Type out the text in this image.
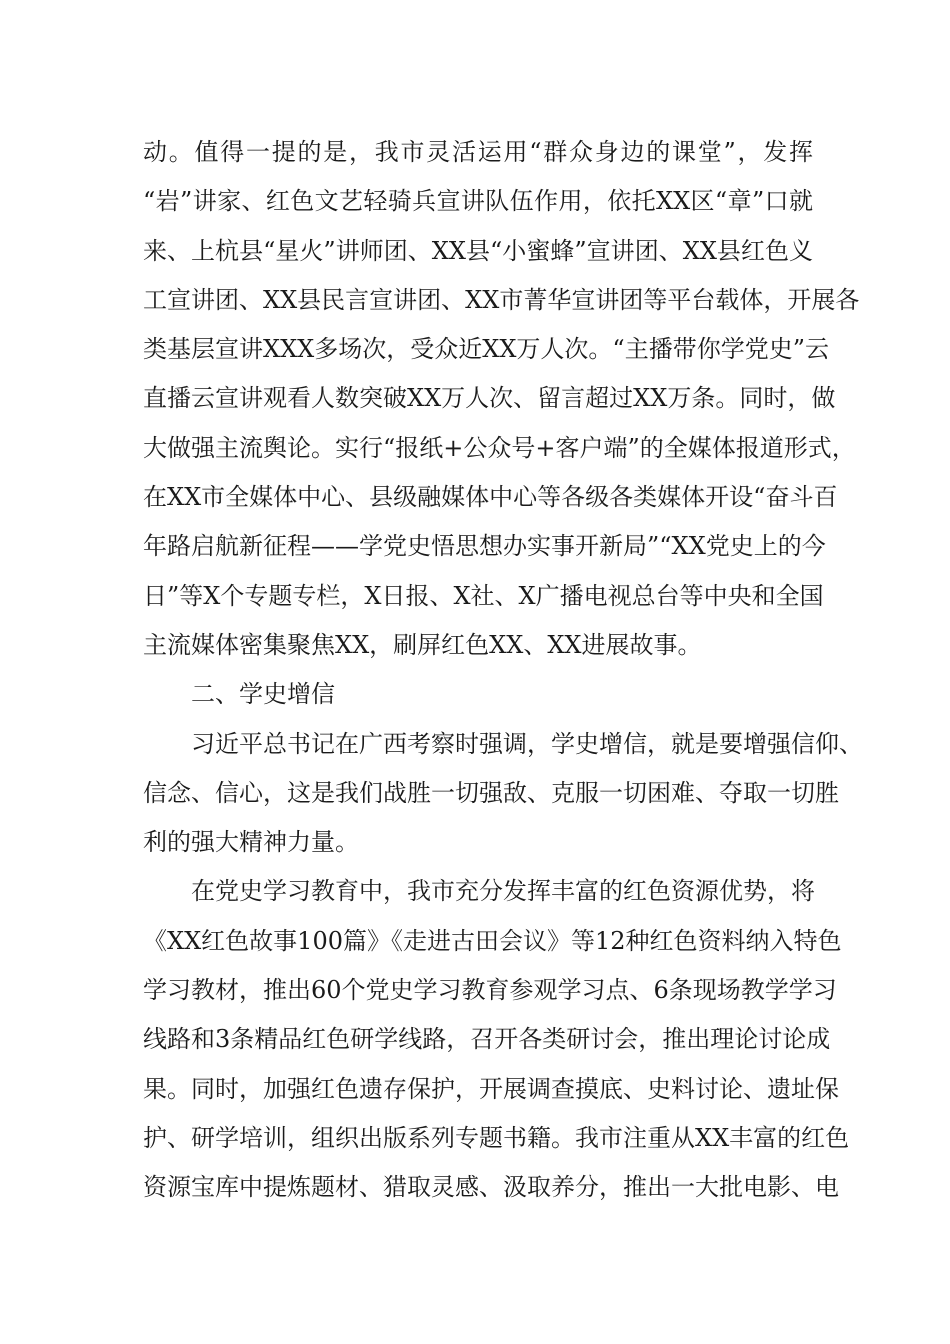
动。值得一提的是，我市灵活运用“群众身边的课堂”，发挥
“岩”讲家、红色文艺轻骑兵宣讲队伍作用，依托XX区“章”口就
来、上杭县“星火”讲师团、XX县“小蜜蜂”宣讲团、XX县红色义
工宣讲团、XX县民言宣讲团、XX市菁华宣讲团等平台载体，开展各
类基层宣讲XXX多场次，受众近XX万人次。“主播带你学党史”云
直播云宣讲观看人数突破XX万人次、留言超过XX万条。同时，做
大做强主流舆论。实行“报纸+公众号+客户端”的全媒体报道形式，
在XX市全媒体中心、县级融媒体中心等各级各类媒体开设“奋斗百
年路启航新征程——学党史悟思想办实事开新局”“XX党史上的今
日”等X个专题专栏，X日报、X社、X广播电视总台等中央和全国
主流媒体密集聚焦XX，刷屏红色XX、XX进展故事。
二、学史增信
习近平总书记在广西考察时强调，学史增信，就是要增强信仰、
信念、信心，这是我们战胜一切强敌、克服一切困难、夺取一切胜
利的强大精神力量。
在党史学习教育中，我市充分发挥丰富的红色资源优势，将
《XX红色故事100篇》《走进古田会议》等12种红色资料纳入特色
学习教材，推出60个党史学习教育参观学习点、6条现场教学学习
线路和3条精品红色研学线路，召开各类研讨会，推出理论讨论成
果。同时，加强红色遗存保护，开展调查摸底、史料讨论、遗址保
护、研学培训，组织出版系列专题书籍。我市注重从XX丰富的红色
资源宝库中提炼题材、猎取灵感、汲取养分，推出一大批电影、电
